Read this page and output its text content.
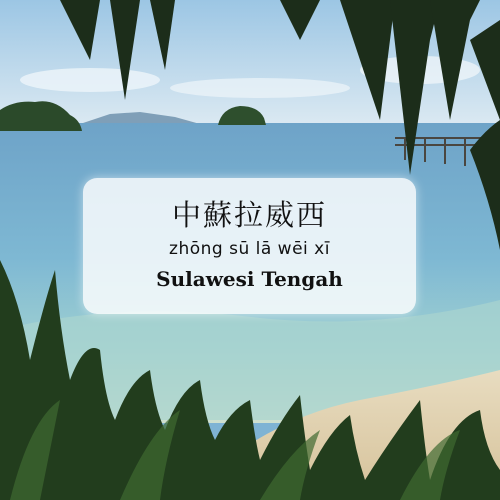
中蘇拉威西
zhōng sū lā wēi xī
Sulawesi Tengah
